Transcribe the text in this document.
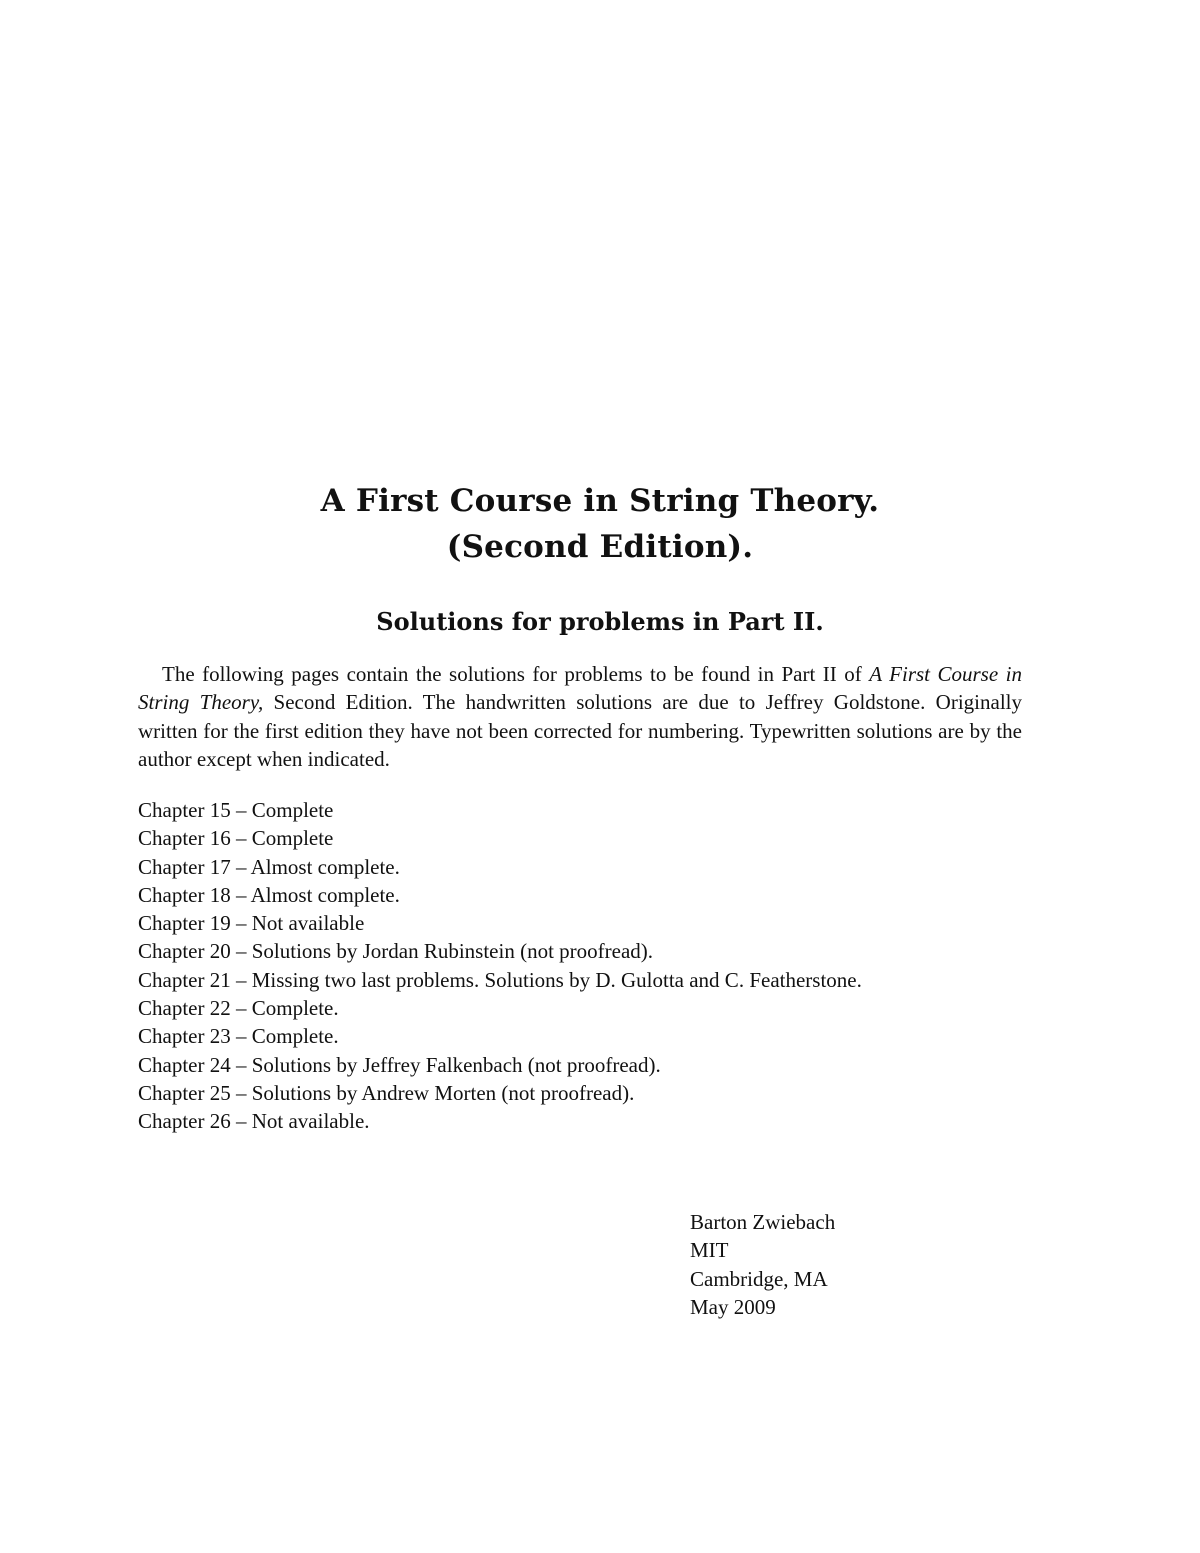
A First Course in String Theory.
(Second Edition).
Solutions for problems in Part II.

The following pages contain the solutions for problems to be found in Part II of A First Course in String Theory, Second Edition. The handwritten solutions are due to Jeffrey Goldstone. Originally written for the first edition they have not been corrected for numbering. Typewritten solutions are by the author except when indicated.

Chapter 15 – Complete
Chapter 16 – Complete
Chapter 17 – Almost complete.
Chapter 18 – Almost complete.
Chapter 19 – Not available
Chapter 20 – Solutions by Jordan Rubinstein (not proofread).
Chapter 21 – Missing two last problems. Solutions by D. Gulotta and C. Featherstone.
Chapter 22 – Complete.
Chapter 23 – Complete.
Chapter 24 – Solutions by Jeffrey Falkenbach (not proofread).
Chapter 25 – Solutions by Andrew Morten (not proofread).
Chapter 26 – Not available.
Barton Zwiebach
MIT
Cambridge, MA
May 2009
